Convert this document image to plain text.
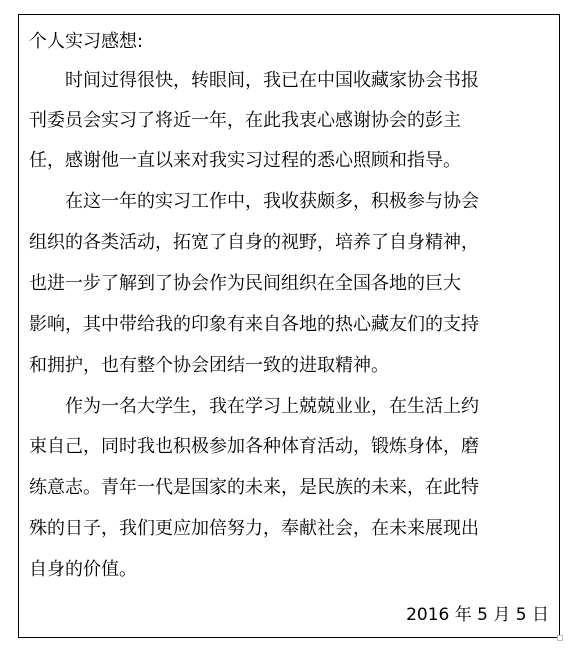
个人实习感想:
时间过得很快，转眼间，我已在中国收藏家协会书报
刊委员会实习了将近一年，在此我衷心感谢协会的彭主
任，感谢他一直以来对我实习过程的悉心照顾和指导。
在这一年的实习工作中，我收获颇多，积极参与协会
组织的各类活动，拓宽了自身的视野，培养了自身精神，
也进一步了解到了协会作为民间组织在全国各地的巨大
影响，其中带给我的印象有来自各地的热心藏友们的支持
和拥护，也有整个协会团结一致的进取精神。
作为一名大学生，我在学习上兢兢业业，在生活上约
束自己，同时我也积极参加各种体育活动，锻炼身体，磨
练意志。青年一代是国家的未来，是民族的未来，在此特
殊的日子，我们更应加倍努力，奉献社会，在未来展现出
自身的价值。
2016 年 5 月 5 日
